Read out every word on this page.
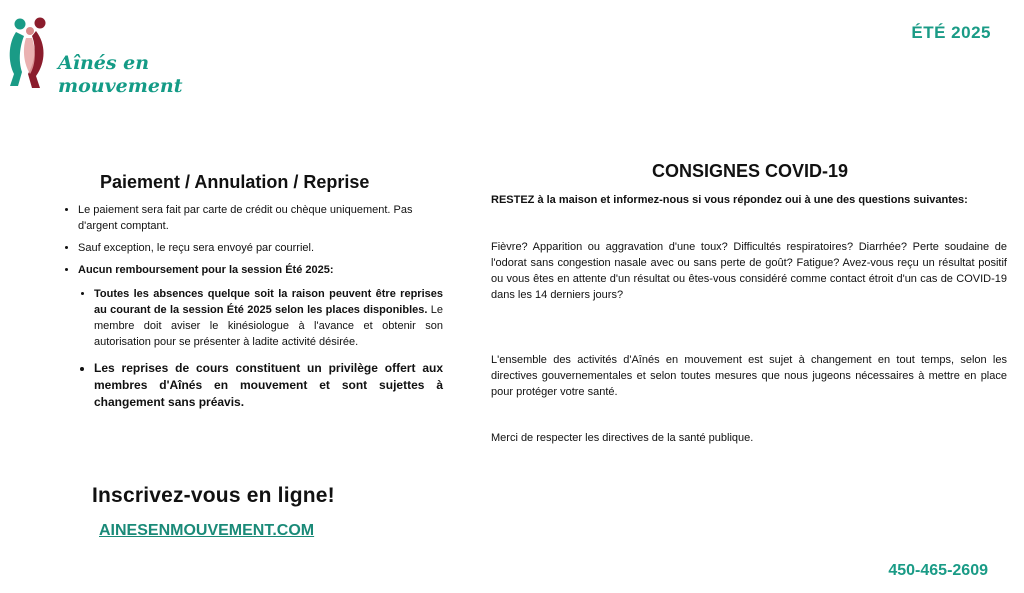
Aînés en
mouvement
ÉTÉ 2025
Paiement / Annulation / Reprise
• Le paiement sera fait par carte de crédit ou chèque uniquement. Pas d'argent comptant.
• Sauf exception, le reçu sera envoyé par courriel.
• Aucun remboursement pour la session Été 2025:
• Toutes les absences quelque soit la raison peuvent être reprises au courant de la session Été 2025 selon les places disponibles. Le membre doit aviser le kinésiologue à l'avance et obtenir son autorisation pour se présenter à ladite activité désirée.
• Les reprises de cours constituent un privilège offert aux membres d'Aînés en mouvement et sont sujettes à changement sans préavis.
Inscrivez-vous en ligne!
AINESENMOUVEMENT.COM
CONSIGNES COVID-19

RESTEZ à la maison et informez-nous si vous répondez oui à une des questions suivantes:

Fièvre? Apparition ou aggravation d'une toux? Difficultés respiratoires? Diarrhée? Perte soudaine de l'odorat sans congestion nasale avec ou sans perte de goût? Fatigue? Avez-vous reçu un résultat positif ou vous êtes en attente d'un résultat ou êtes-vous considéré comme contact étroit d'un cas de COVID-19 dans les 14 derniers jours?

L'ensemble des activités d'Aînés en mouvement est sujet à changement en tout temps, selon les directives gouvernementales et selon toutes mesures que nous jugeons nécessaires à mettre en place pour protéger votre santé.

Merci de respecter les directives de la santé publique.

450-465-2609
